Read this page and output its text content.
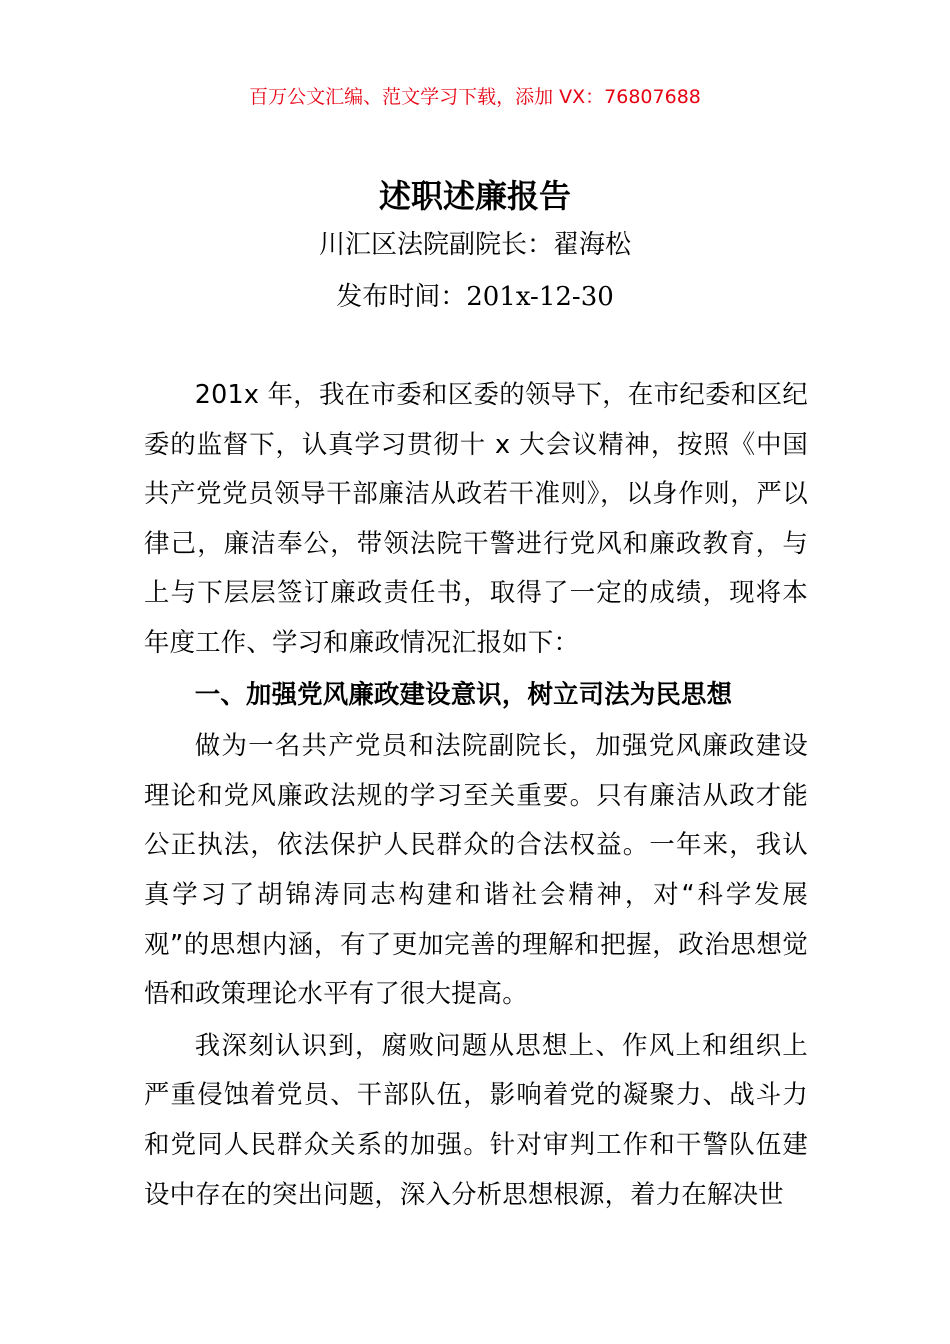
百万公文汇编、范文学习下载，添加 VX：76807688
述职述廉报告
川汇区法院副院长：翟海松
发布时间：201x-12-30

201x 年，我在市委和区委的领导下，在市纪委和区纪委的监督下，认真学习贯彻十 x 大会议精神，按照《中国共产党党员领导干部廉洁从政若干准则》，以身作则，严以律己，廉洁奉公，带领法院干警进行党风和廉政教育，与上与下层层签订廉政责任书，取得了一定的成绩，现将本年度工作、学习和廉政情况汇报如下：

一、加强党风廉政建设意识，树立司法为民思想

做为一名共产党员和法院副院长，加强党风廉政建设理论和党风廉政法规的学习至关重要。只有廉洁从政才能公正执法，依法保护人民群众的合法权益。一年来，我认真学习了胡锦涛同志构建和谐社会精神，对“科学发展观”的思想内涵，有了更加完善的理解和把握，政治思想觉悟和政策理论水平有了很大提高。

我深刻认识到，腐败问题从思想上、作风上和组织上严重侵蚀着党员、干部队伍，影响着党的凝聚力、战斗力和党同人民群众关系的加强。针对审判工作和干警队伍建设中存在的突出问题，深入分析思想根源，着力在解决世
